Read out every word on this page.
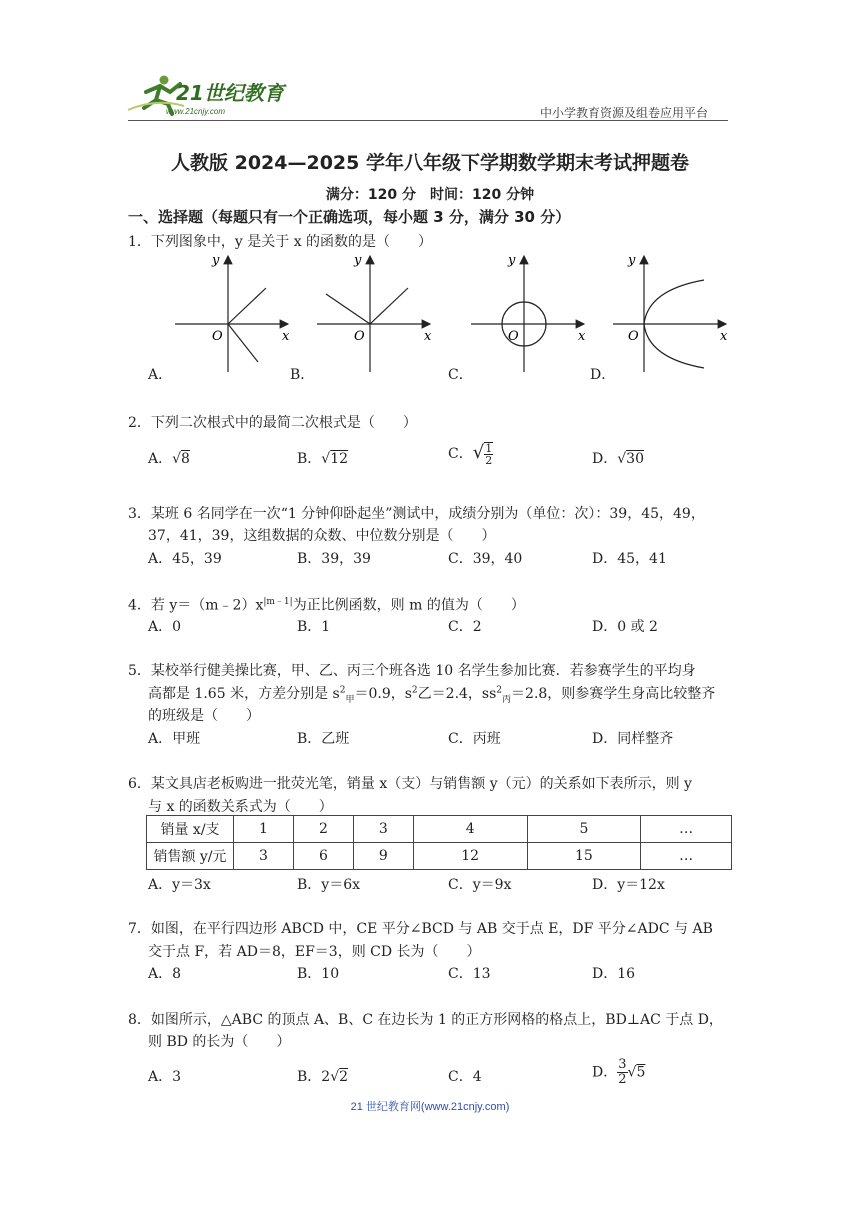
21世纪教育
www.21cnjy.com	中小学教育资源及组卷应用平台
人教版 2024—2025 学年八年级下学期数学期末考试押题卷
满分：120 分　时间：120 分钟
一、选择题（每题只有一个正确选项，每小题 3 分，满分 30 分）
1．下列图象中，y 是关于 x 的函数的是（　　）
y
x
O
y
x
O
y
x
O
y
x
O
A．	B．	C．	D．
2．下列二次根式中的最简二次根式是（　　）
A．√8	B．√12	C．√ $\frac{1}{2}$	D．√30
3．某班 6 名同学在一次“1 分钟仰卧起坐”测试中，成绩分别为（单位：次）：39，45，49，
37，41，39，这组数据的众数、中位数分别是（　　）
A．45，39	B．39，39	C．39，40	D．45，41
4．若 $y=(m﹣2)x^{|m﹣1|}$为正比例函数，则 m 的值为（　　）
A．0	B．1	C．2	D．0 或 2
5．某校举行健美操比赛，甲、乙、丙三个班各选 10 名学生参加比赛．若参赛学生的平均身
高都是 1.65 米，方差分别是 $s^2_甲=0.9$，$s^2$乙＝2.4，$ss^2_丙=2.8$，则参赛学生身高比较整齐
的班级是（　　）
A．甲班	B．乙班	C．丙班	D．同样整齐
6．某文具店老板购进一批荧光笔，销量 x（支）与销售额 y（元）的关系如下表所示，则 y
与 x 的函数关系式为（　　）
销量 x/支	1	2	3	4	5	…
销售额 y/元	3	6	9	12	15	…
A．y＝3x	B．y＝6x	C．y＝9x	D．y＝12x
7．如图，在平行四边形 ABCD 中，CE 平分∠BCD 与 AB 交于点 E，DF 平分∠ADC 与 AB
交于点 F，若 AD＝8，EF＝3，则 CD 长为（　　）
A．8	B．10	C．13	D．16
8．如图所示，△ABC 的顶点 A、B、C 在边长为 1 的正方形网格的格点上，BD⊥AC 于点 D，
则 BD 的长为（　　）
A．3	B．2√2	C．4	D． $\frac{3}{2} √5$
21 世纪教育网(www.21cnjy.com)
